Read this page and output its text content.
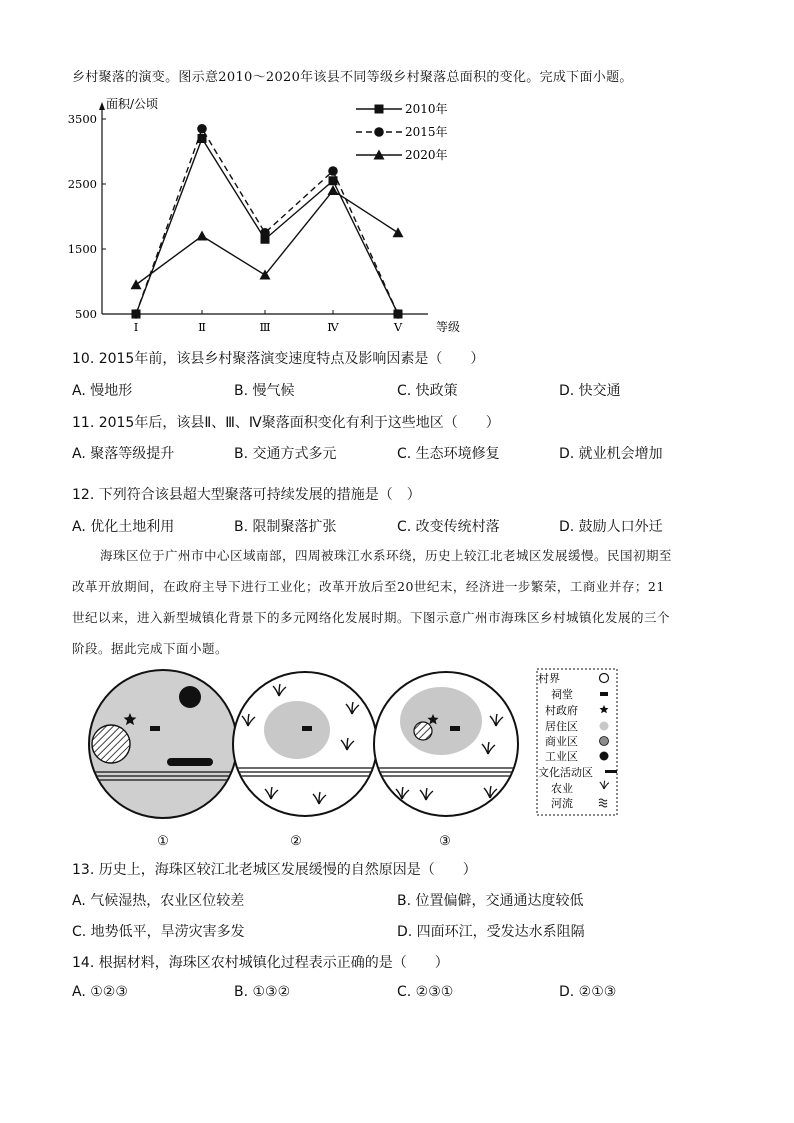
乡村聚落的演变。图示意2010～2020年该县不同等级乡村聚落总面积的变化。完成下面小题。
面积/公顷
等级
3500
2500
1500
500
Ⅰ	Ⅱ	Ⅲ	Ⅳ	Ⅴ
2010年
2015年
2020年
10. 2015年前，该县乡村聚落演变速度特点及影响因素是（　　）
A. 慢地形	B. 慢气候	C. 快政策	D. 快交通
11. 2015年后，该县Ⅱ、Ⅲ、Ⅳ聚落面积变化有利于这些地区（　　）
A. 聚落等级提升	B. 交通方式多元	C. 生态环境修复	D. 就业机会增加
12. 下列符合该县超大型聚落可持续发展的措施是（　）
A. 优化土地利用	B. 限制聚落扩张	C. 改变传统村落	D. 鼓励人口外迁
海珠区位于广州市中心区域南部，四周被珠江水系环绕，历史上较江北老城区发展缓慢。民国初期至
改革开放期间，在政府主导下进行工业化；改革开放后至20世纪末，经济进一步繁荣，工商业并存；21
世纪以来，进入新型城镇化背景下的多元网络化发展时期。下图示意广州市海珠区乡村城镇化发展的三个
阶段。据此完成下面小题。
①	②	③
村界
祠堂
村政府
居住区
商业区
工业区
文化活动区
农业
河流
13. 历史上，海珠区较江北老城区发展缓慢的自然原因是（　　）
A. 气候湿热，农业区位较差	B. 位置偏僻，交通通达度较低
C. 地势低平，旱涝灾害多发	D. 四面环江，受发达水系阻隔
14. 根据材料，海珠区农村城镇化过程表示正确的是（　　）
A. ①②③	B. ①③②	C. ②③①	D. ②①③
